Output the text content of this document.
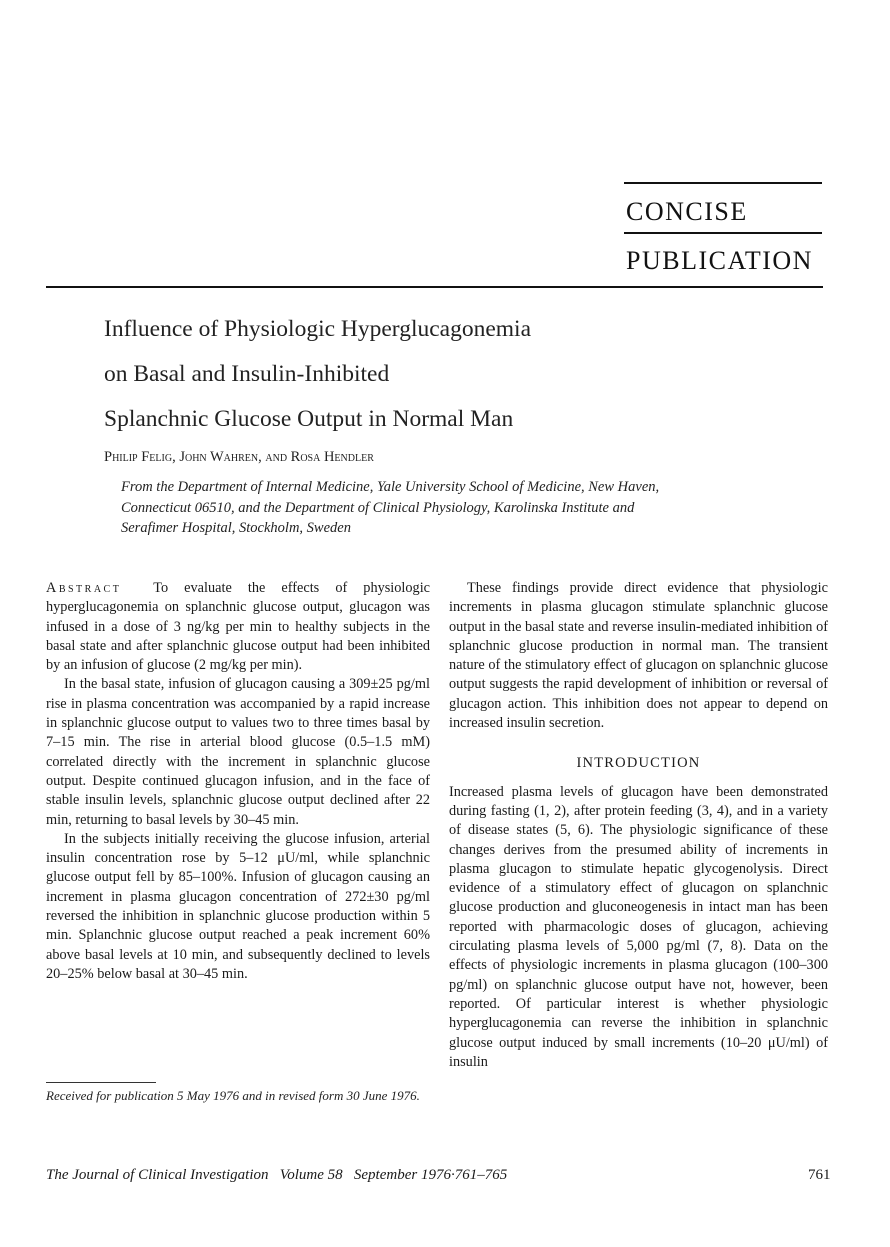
CONCISE
PUBLICATION
Influence of Physiologic Hyperglucagonemia
on Basal and Insulin-Inhibited
Splanchnic Glucose Output in Normal Man
Philip Felig, John Wahren, and Rosa Hendler
From the Department of Internal Medicine, Yale University School of Medicine, New Haven, Connecticut 06510, and the Department of Clinical Physiology, Karolinska Institute and Serafimer Hospital, Stockholm, Sweden

Abstract To evaluate the effects of physiologic hyperglucagonemia on splanchnic glucose output, glucagon was infused in a dose of 3 ng/kg per min to healthy subjects in the basal state and after splanchnic glucose output had been inhibited by an infusion of glucose (2 mg/kg per min).

In the basal state, infusion of glucagon causing a 309±25 pg/ml rise in plasma concentration was accompanied by a rapid increase in splanchnic glucose output to values two to three times basal by 7–15 min. The rise in arterial blood glucose (0.5–1.5 mM) correlated directly with the increment in splanchnic glucose output. Despite continued glucagon infusion, and in the face of stable insulin levels, splanchnic glucose output declined after 22 min, returning to basal levels by 30–45 min.

In the subjects initially receiving the glucose infusion, arterial insulin concentration rose by 5–12 μU/ml, while splanchnic glucose output fell by 85–100%. Infusion of glucagon causing an increment in plasma glucagon concentration of 272±30 pg/ml reversed the inhibition in splanchnic glucose production within 5 min. Splanchnic glucose output reached a peak increment 60% above basal levels at 10 min, and subsequently declined to levels 20–25% below basal at 30–45 min.

These findings provide direct evidence that physiologic increments in plasma glucagon stimulate splanchnic glucose output in the basal state and reverse insulin-mediated inhibition of splanchnic glucose production in normal man. The transient nature of the stimulatory effect of glucagon on splanchnic glucose output suggests the rapid development of inhibition or reversal of glucagon action. This inhibition does not appear to depend on increased insulin secretion.

INTRODUCTION

Increased plasma levels of glucagon have been demonstrated during fasting (1, 2), after protein feeding (3, 4), and in a variety of disease states (5, 6). The physiologic significance of these changes derives from the presumed ability of increments in plasma glucagon to stimulate hepatic glycogenolysis. Direct evidence of a stimulatory effect of glucagon on splanchnic glucose production and gluconeogenesis in intact man has been reported with pharmacologic doses of glucagon, achieving circulating plasma levels of 5,000 pg/ml (7, 8). Data on the effects of physiologic increments in plasma glucagon (100–300 pg/ml) on splanchnic glucose output have not, however, been reported. Of particular interest is whether physiologic hyperglucagonemia can reverse the inhibition in splanchnic glucose output induced by small increments (10–20 μU/ml) of insulin

Received for publication 5 May 1976 and in revised form 30 June 1976.
The Journal of Clinical Investigation   Volume 58   September 1976·761–765	761
